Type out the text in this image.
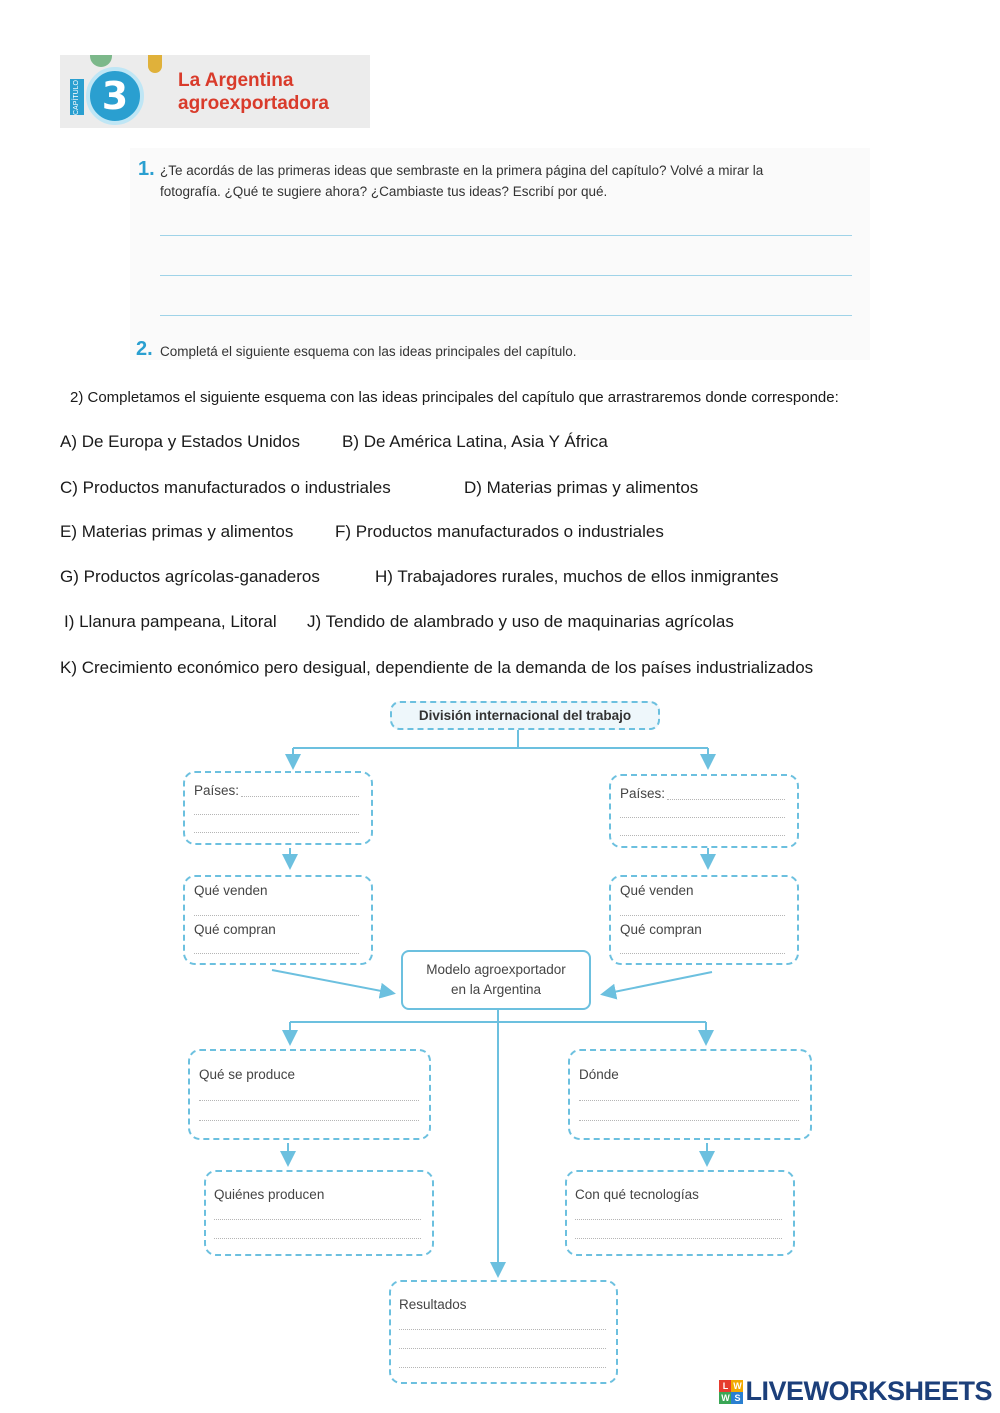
CAPÍTULO 3	La Argentina
agroexportadora
1. ¿Te acordás de las primeras ideas que sembraste en la primera página del capítulo? Volvé a mirar la
fotografía. ¿Qué te sugiere ahora? ¿Cambiaste tus ideas? Escribí por qué.
2. Completá el siguiente esquema con las ideas principales del capítulo.
2) Completamos el siguiente esquema con las ideas principales del capítulo que arrastraremos donde corresponde:
A) De Europa y Estados Unidos B) De América Latina, Asia Y África
C) Productos manufacturados o industriales	D) Materias primas y alimentos
E) Materias primas y alimentos F) Productos manufacturados o industriales
G) Productos agrícolas-ganaderos	H) Trabajadores rurales, muchos de ellos inmigrantes
I) Llanura pampeana, Litoral J) Tendido de alambrado y uso de maquinarias agrícolas
K) Crecimiento económico pero desigual, dependiente de la demanda de los países industrializados
División internacional del trabajo
Países:	Países:
Qué venden
Qué compran
Qué venden
Qué compran
Modelo agroexportador
en la Argentina
Qué se produce	Dónde
Quiénes producen	Con qué tecnologías
Resultados
L W
W S LIVEWORKSHEETS
